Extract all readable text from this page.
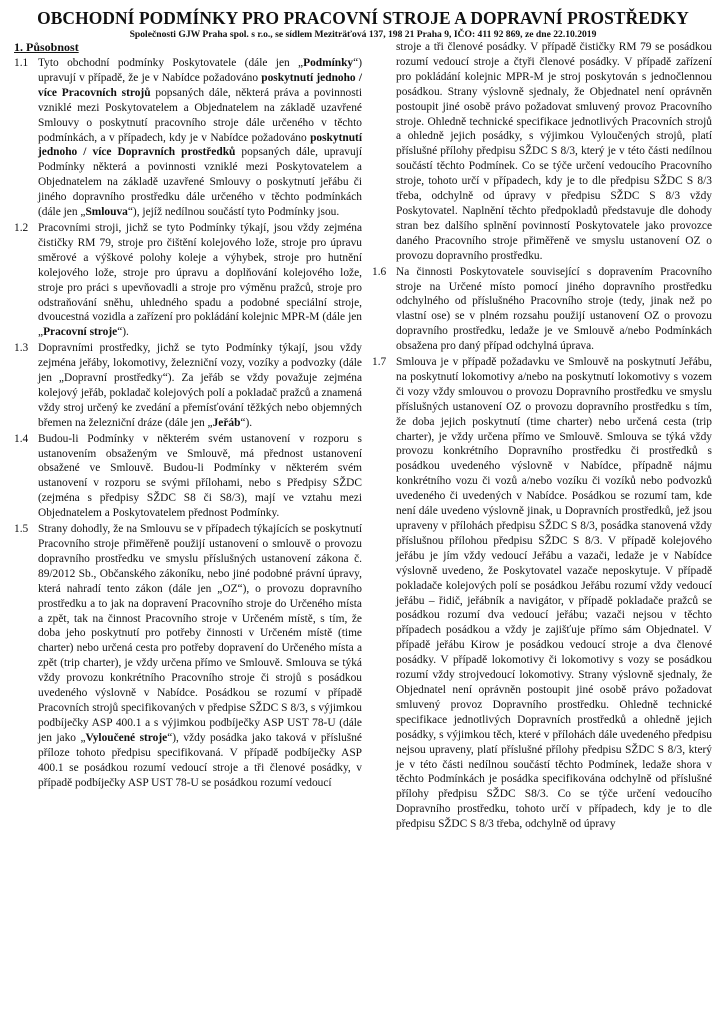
OBCHODNÍ PODMÍNKY PRO PRACOVNÍ STROJE A DOPRAVNÍ PROSTŘEDKY
Společnosti GJW Praha spol. s r.o., se sídlem Meziträťová 137, 198 21 Praha 9, IČO: 411 92 869, ze dne 22.10.2019
1. Působnost
1.1 Tyto obchodní podmínky Poskytovatele (dále jen „Podmínky“) upravují v případě, že je v Nabídce požadováno poskytnutí jednoho / více Pracovních strojů popsaných dále, některá práva a povinnosti vzniklé mezi Poskytovatelem a Objednatelem na základě uzavřené Smlouvy o poskytnutí pracovního stroje dále určeného v těchto podmínkách, a v případech, kdy je v Nabídce požadováno poskytnutí jednoho / více Dopravních prostředků popsaných dále, upravují Podmínky některá a povinnosti vzniklé mezi Poskytovatelem a Objednatelem na základě uzavřené Smlouvy o poskytnutí jeřábu či jiného dopravního prostředku dále určeného v těchto podmínkách (dále jen „Smlouva“), jejíž nedílnou součástí tyto Podmínky jsou.
1.2 Pracovními stroji, jichž se tyto Podmínky týkají, jsou vždy zejména čističky RM 79, stroje pro čištění kolejového lože, stroje pro úpravu směrové a výškové polohy koleje a výhybek, stroje pro hutnění kolejového lože, stroje pro úpravu a doplňování kolejového lože, stroje pro práci s upevňovadli a stroje pro výměnu pražců, stroje pro odstraňování sněhu, uhledného spadu a podobné speciální stroje, dvoucestná vozidla a zařízení pro pokládání kolejnic MPR-M (dále jen „Pracovní stroje“).
1.3 Dopravními prostředky, jichž se tyto Podmínky týkají, jsou vždy zejména jeřáby, lokomotivy, železniční vozy, vozíky a podvozky (dále jen „Dopravní prostředky“). Za jeřáb se vždy považuje zejména kolejový jeřáb, pokladač kolejových polí a pokladač pražců a znamená vždy stroj určený ke zvedání a přemísťování těžkých nebo objemných břemen na železniční dráze (dále jen „Jeřáb“).
1.4 Budou-li Podmínky v některém svém ustanovení v rozporu s ustanovením obsaženým ve Smlouvě, má přednost ustanovení obsažené ve Smlouvě. Budou-li Podmínky v některém svém ustanovení v rozporu se svými přílohami, nebo s Předpisy SŽDC (zejména s předpisy SŽDC S8 či S8/3), mají ve vztahu mezi Objednatelem a Poskytovatelem přednost Podmínky.
1.5 Strany dohodly, že na Smlouvu se v případech týkajících se poskytnutí Pracovního stroje přiměřeně použijí ustanovení o smlouvě o provozu dopravního prostředku ve smyslu příslušných ustanovení zákona č. 89/2012 Sb., Občanského zákoníku, nebo jiné podobné právní úpravy, která nahradí tento zákon (dále jen „OZ“), o provozu dopravního prostředku a to jak na dopravení Pracovního stroje do Určeného místa a zpět, tak na činnost Pracovního stroje v Určeném místě, s tím, že doba jeho poskytnutí pro potřeby činnosti v Určeném místě (time charter) nebo určená cesta pro potřeby dopravení do Určeného místa a zpět (trip charter), je vždy určena přímo ve Smlouvě. Smlouva se týká vždy provozu konkrétního Pracovního stroje či strojů s posádkou uvedeného výslovně v Nabídce. Posádkou se rozumí v případě Pracovních strojů specifikovaných v předpise SŽDC S 8/3, s výjimkou podbíječky ASP 400.1 a s výjimkou podbíječky ASP UST 78-U (dále jen jako „Vyloučené stroje“), vždy posádka jako taková v příslušné příloze tohoto předpisu specifikovaná. V případě podbíječky ASP 400.1 se posádkou rozumí vedoucí stroje a tři členové posádky, v případě podbíječky ASP UST 78-U se posádkou rozumí vedoucí
stroje a tři členové posádky. V případě čističky RM 79 se posádkou rozumí vedoucí stroje a čtyři členové posádky. V případě zařízení pro pokládání kolejnic MPR-M je stroj poskytován s jednočlennou posádkou. Strany výslovně sjednaly, že Objednatel není oprávněn postoupit jiné osobě právo požadovat smluvený provoz Pracovního stroje. Ohledně technické specifikace jednotlivých Pracovních strojů a ohledně jejich posádky, s výjimkou Vyloučených strojů, platí příslušné přílohy předpisu SŽDC S 8/3, který je v této části nedílnou součástí těchto Podmínek. Co se týče určení vedoucího Pracovního stroje, tohoto určí v případech, kdy je to dle předpisu SŽDC S 8/3 třeba, odchylně od úpravy v předpisu SŽDC S 8/3 vždy Poskytovatel. Naplnění těchto předpokladů představuje dle dohody stran bez dalšího splnění povinností Poskytovatele jako provozce daného Pracovního stroje přiměřeně ve smyslu ustanovení OZ o provozu dopravního prostředku.
1.6 Na činnosti Poskytovatele související s dopravením Pracovního stroje na Určené místo pomocí jiného dopravního prostředku odchylného od příslušného Pracovního stroje (tedy, jinak než po vlastní ose) se v plném rozsahu použijí ustanovení OZ o provozu dopravního prostředku, ledaže je ve Smlouvě a/nebo Podmínkách obsažena pro daný případ odchylná úprava.
1.7 Smlouva je v případě požadavku ve Smlouvě na poskytnutí Jeřábu, na poskytnutí lokomotivy a/nebo na poskytnutí lokomotivy s vozem či vozy vždy smlouvou o provozu Dopravního prostředku ve smyslu příslušných ustanovení OZ o provozu dopravního prostředku s tím, že doba jejich poskytnutí (time charter) nebo určená cesta (trip charter), je vždy určena přímo ve Smlouvě. Smlouva se týká vždy provozu konkrétního Dopravního prostředku či prostředků s posádkou uvedeného výslovně v Nabídce, případně nájmu konkrétního vozu či vozů a/nebo vozíku či vozíků nebo podvozků uvedeného či uvedených v Nabídce. Posádkou se rozumí tam, kde není dále uvedeno výslovně jinak, u Dopravních prostředků, jež jsou upraveny v přílohách předpisu SŽDC S 8/3, posádka stanovená vždy příslušnou přílohou předpisu SŽDC S 8/3. V případě kolejového jeřábu je jím vždy vedoucí Jeřábu a vazači, ledaže je v Nabídce výslovně uvedeno, že Poskytovatel vazače neposkytuje. V případě pokladače kolejových polí se posádkou Jeřábu rozumí vždy vedoucí jeřábu – řidič, jeřábník a navigátor, v případě pokladače pražců se posádkou rozumí dva vedoucí jeřábu; vazači nejsou v těchto případech posádkou a vždy je zajišťuje přímo sám Objednatel. V případě jeřábu Kirow je posádkou vedoucí stroje a dva členové posádky. V případě lokomotivy či lokomotivy s vozy se posádkou rozumí vždy strojvedoucí lokomotivy. Strany výslovně sjednaly, že Objednatel není oprávněn postoupit jiné osobě právo požadovat smluvený provoz Dopravního prostředku. Ohledně technické specifikace jednotlivých Dopravních prostředků a ohledně jejich posádky, s výjimkou těch, které v přílohách dále uvedeného předpisu nejsou upraveny, platí příslušné přílohy předpisu SŽDC S 8/3, který je v této části nedílnou součástí těchto Podmínek, ledaže shora v těchto Podmínkách je posádka specifikována odchylně od příslušné přílohy předpisu SŽDC S8/3. Co se týče určení vedoucího Dopravního prostředku, tohoto určí v případech, kdy je to dle předpisu SŽDC S 8/3 třeba, odchylně od úpravy
